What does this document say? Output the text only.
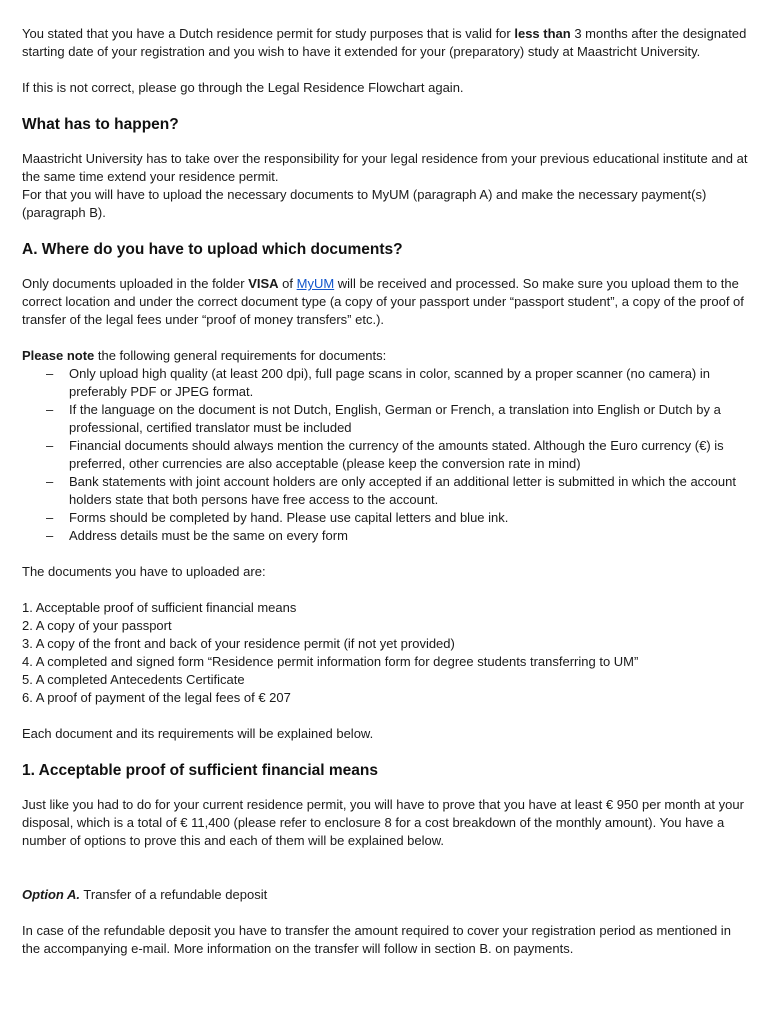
You stated that you have a Dutch residence permit for study purposes that is valid for less than 3 months after the designated starting date of your registration and you wish to have it extended for your (preparatory) study at Maastricht University.

If this is not correct, please go through the Legal Residence Flowchart again.

What has to happen?

Maastricht University has to take over the responsibility for your legal residence from your previous educational institute and at the same time extend your residence permit.

For that you will have to upload the necessary documents to MyUM (paragraph A) and make the necessary payment(s) (paragraph B).

A. Where do you have to upload which documents?

Only documents uploaded in the folder VISA of MyUM will be received and processed. So make sure you upload them to the correct location and under the correct document type (a copy of your passport under “passport student”, a copy of the proof of transfer of the legal fees under “proof of money transfers” etc.).

Please note the following general requirements for documents:

– Only upload high quality (at least 200 dpi), full page scans in color, scanned by a proper scanner (no camera) in preferably PDF or JPEG format.
– If the language on the document is not Dutch, English, German or French, a translation into English or Dutch by a professional, certified translator must be included
– Financial documents should always mention the currency of the amounts stated. Although the Euro currency (€) is preferred, other currencies are also acceptable (please keep the conversion rate in mind)
– Bank statements with joint account holders are only accepted if an additional letter is submitted in which the account holders state that both persons have free access to the account.
– Forms should be completed by hand. Please use capital letters and blue ink.
– Address details must be the same on every form

The documents you have to uploaded are:

1. Acceptable proof of sufficient financial means
2. A copy of your passport
3. A copy of the front and back of your residence permit (if not yet provided)
4. A completed and signed form “Residence permit information form for degree students transferring to UM”
5. A completed Antecedents Certificate
6. A proof of payment of the legal fees of € 207

Each document and its requirements will be explained below.

1. Acceptable proof of sufficient financial means

Just like you had to do for your current residence permit, you will have to prove that you have at least € 950 per month at your disposal, which is a total of € 11,400 (please refer to enclosure 8 for a cost breakdown of the monthly amount). You have a number of options to prove this and each of them will be explained below.

Option A. Transfer of a refundable deposit

In case of the refundable deposit you have to transfer the amount required to cover your registration period as mentioned in the accompanying e-mail. More information on the transfer will follow in section B. on payments.
